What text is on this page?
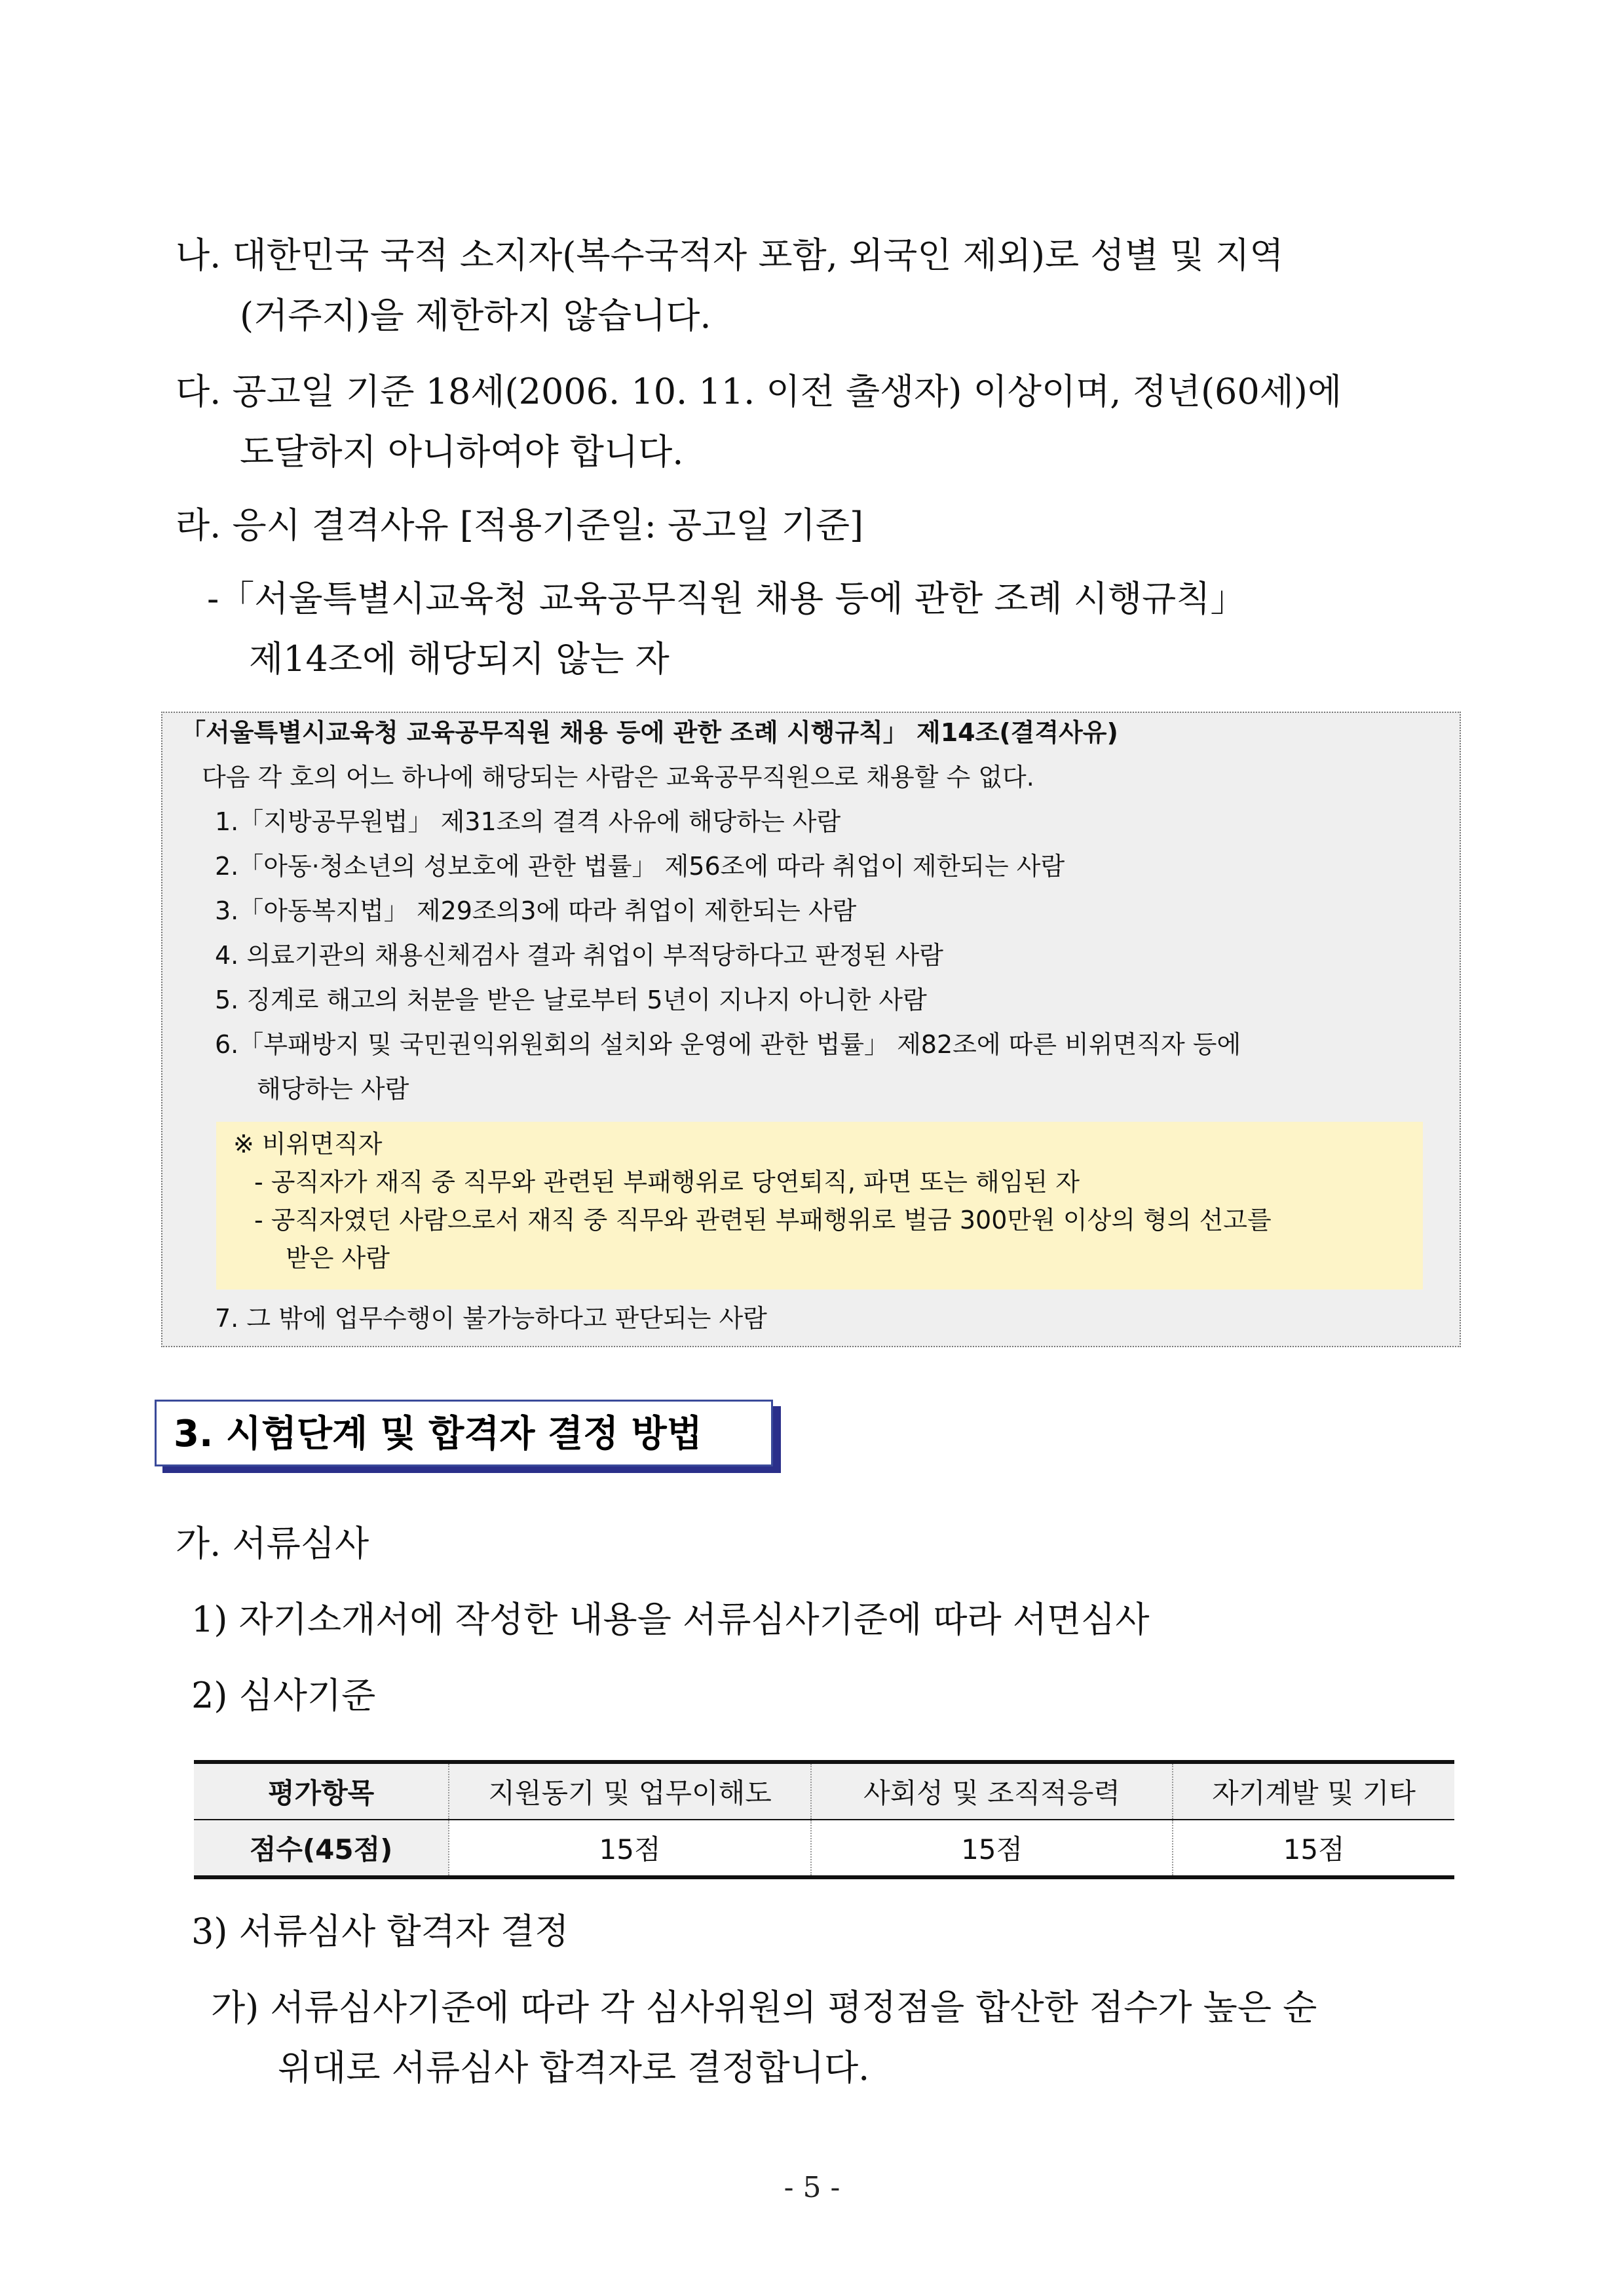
나. 대한민국 국적 소지자(복수국적자 포함, 외국인 제외)로 성별 및 지역
(거주지)을 제한하지 않습니다.
다. 공고일 기준 18세(2006. 10. 11. 이전 출생자) 이상이며, 정년(60세)에
도달하지 아니하여야 합니다.
라. 응시 결격사유 [적용기준일: 공고일 기준]
-「서울특별시교육청 교육공무직원 채용 등에 관한 조례 시행규칙」
제14조에 해당되지 않는 자
「서울특별시교육청 교육공무직원 채용 등에 관한 조례 시행규칙」 제14조(결격사유)
다음 각 호의 어느 하나에 해당되는 사람은 교육공무직원으로 채용할 수 없다.
1.「지방공무원법」 제31조의 결격 사유에 해당하는 사람
2.「아동·청소년의 성보호에 관한 법률」 제56조에 따라 취업이 제한되는 사람
3.「아동복지법」 제29조의3에 따라 취업이 제한되는 사람
4. 의료기관의 채용신체검사 결과 취업이 부적당하다고 판정된 사람
5. 징계로 해고의 처분을 받은 날로부터 5년이 지나지 아니한 사람
6.「부패방지 및 국민권익위원회의 설치와 운영에 관한 법률」 제82조에 따른 비위면직자 등에
해당하는 사람
※ 비위면직자
- 공직자가 재직 중 직무와 관련된 부패행위로 당연퇴직, 파면 또는 해임된 자
- 공직자였던 사람으로서 재직 중 직무와 관련된 부패행위로 벌금 300만원 이상의 형의 선고를
받은 사람
7. 그 밖에 업무수행이 불가능하다고 판단되는 사람
3. 시험단계 및 합격자 결정 방법
가. 서류심사
1) 자기소개서에 작성한 내용을 서류심사기준에 따라 서면심사
2) 심사기준
평가항목	지원동기 및 업무이해도	사회성 및 조직적응력	자기계발 및 기타
점수(45점)	15점	15점	15점
3) 서류심사 합격자 결정
가) 서류심사기준에 따라 각 심사위원의 평정점을 합산한 점수가 높은 순
위대로 서류심사 합격자로 결정합니다.
- 5 -
